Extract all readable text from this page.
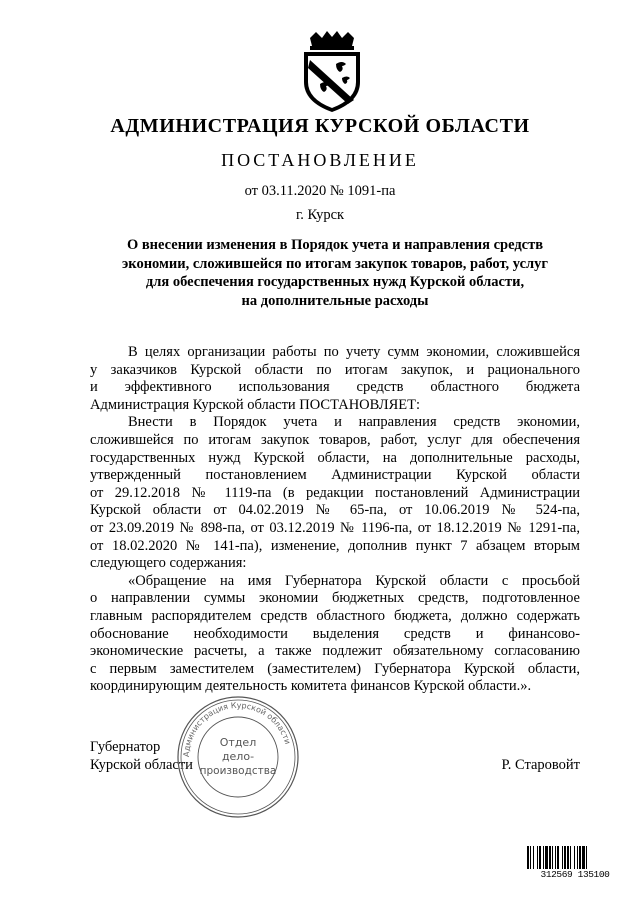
АДМИНИСТРАЦИЯ КУРСКОЙ ОБЛАСТИ
ПОСТАНОВЛЕНИЕ
от 03.11.2020 № 1091-па
г. Курск
О внесении изменения в Порядок учета и направления средств
экономии, сложившейся по итогам закупок товаров, работ, услуг
для обеспечения государственных нужд Курской области,
на дополнительные расходы

В целях организации работы по учету сумм экономии, сложившейся

у заказчиков Курской области по итогам закупок, и рационального

и эффективного использования средств областного бюджета

Администрация Курской области ПОСТАНОВЛЯЕТ:

Внести в Порядок учета и направления средств экономии,

сложившейся по итогам закупок товаров, работ, услуг для обеспечения

государственных нужд Курской области, на дополнительные расходы,

утвержденный постановлением Администрации Курской области

от 29.12.2018 № 1119-па (в редакции постановлений Администрации

Курской области от 04.02.2019 № 65-па, от 10.06.2019 № 524-па,

от 23.09.2019 № 898-па, от 03.12.2019 № 1196-па, от 18.12.2019 № 1291-па,

от 18.02.2020 № 141-па), изменение, дополнив пункт 7 абзацем вторым

следующего содержания:

«Обращение на имя Губернатора Курской области с просьбой

о направлении суммы экономии бюджетных средств, подготовленное

главным распорядителем средств областного бюджета, должно содержать

обоснование необходимости выделения средств и финансово-

экономические расчеты, а также подлежит обязательному согласованию

с первым заместителем (заместителем) Губернатора Курской области,

координирующим деятельность комитета финансов Курской области.».

Губернатор
Курской области	Р. Старовойт
Администрация Курской области
Отдел
дело-
производства
312569 135100
